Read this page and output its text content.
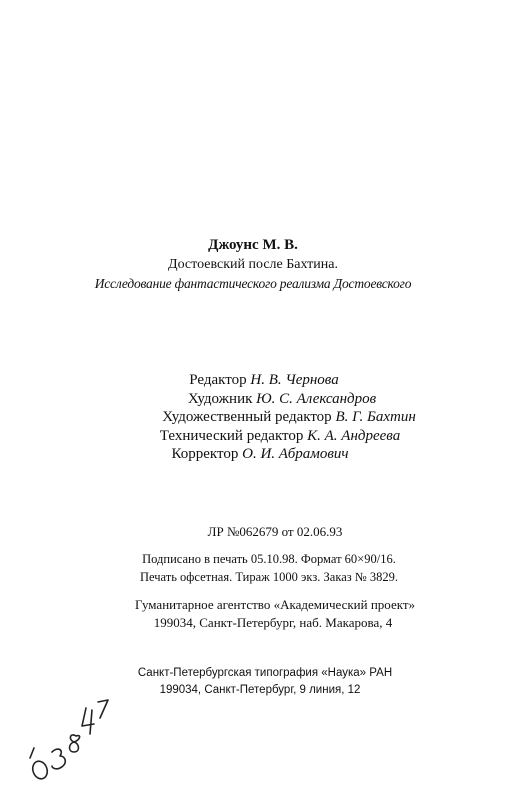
Джоунс М. В.
Достоевский после Бахтина.
Исследование фантастического реализма Достоевского
Редактор Н. В. Чернова
Художник Ю. С. Александров
Художественный редактор В. Г. Бахтин
Технический редактор К. А. Андреева
Корректор О. И. Абрамович
ЛР №062679 от 02.06.93
Подписано в печать 05.10.98. Формат 60×90/16.
Печать офсетная. Тираж 1000 экз. Заказ № 3829.
Гуманитарное агентство «Академический проект»
199034, Санкт-Петербург, наб. Макарова, 4
Санкт-Петербургская типография «Наука» РАН
199034, Санкт-Петербург, 9 линия, 12
